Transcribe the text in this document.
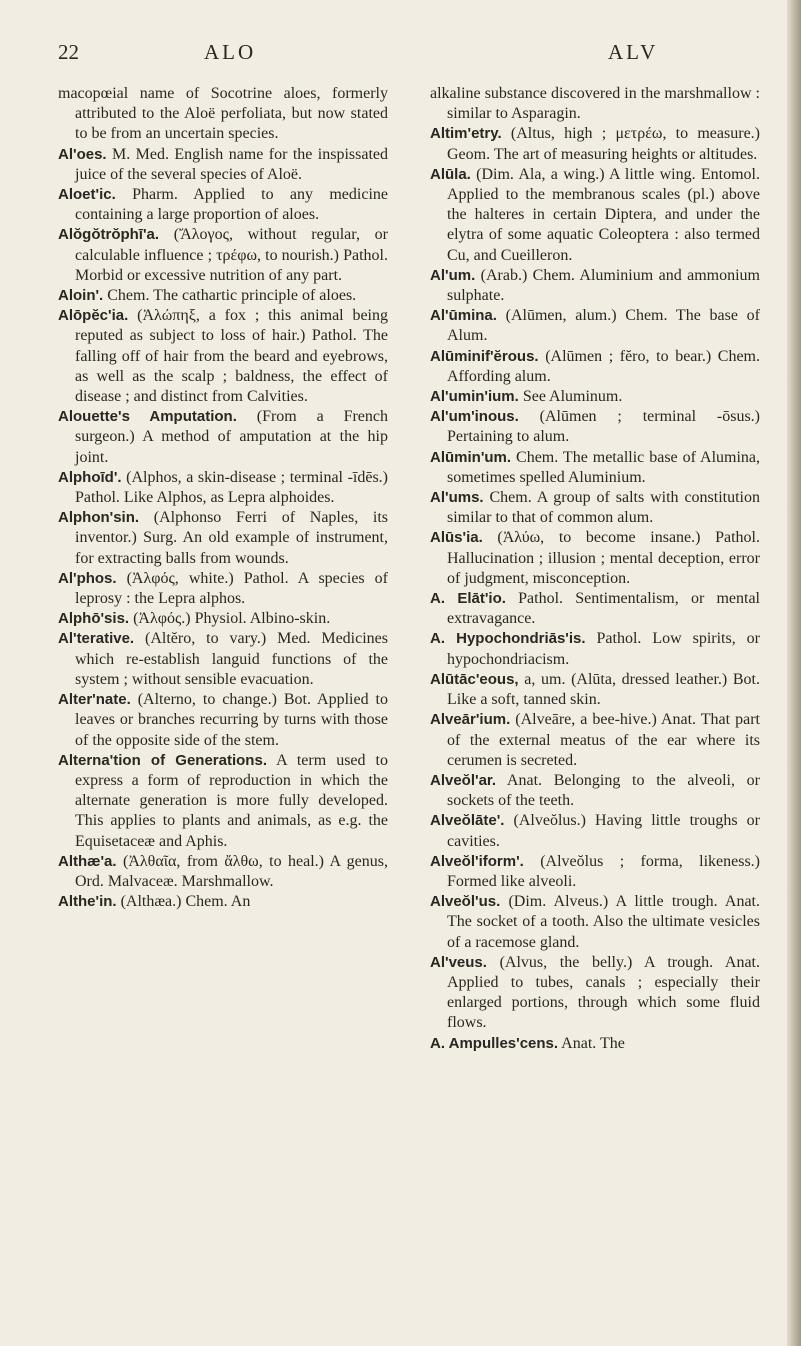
22	ALO	ALV

macopœial name of Socotrine aloes, formerly attributed to the Aloë perfoliata, but now stated to be from an uncertain species.

Al'oes. M. Med. English name for the inspissated juice of the several species of Aloë.

Aloet'ic. Pharm. Applied to any medicine containing a large proportion of aloes.

Alŏgŏtrŏphī'a. (Ἄλογος, without regular, or calculable influence ; τρέφω, to nourish.) Pathol. Morbid or excessive nutrition of any part.

Aloin'. Chem. The cathartic principle of aloes.

Alōpĕc'ia. (Ἀλώπηξ, a fox ; this animal being reputed as subject to loss of hair.) Pathol. The falling off of hair from the beard and eyebrows, as well as the scalp ; baldness, the effect of disease ; and distinct from Calvities.

Alouette's Amputation. (From a French surgeon.) A method of amputation at the hip joint.

Alphoīd'. (Alphos, a skin-disease ; terminal -īdēs.) Pathol. Like Alphos, as Lepra alphoides.

Alphon'sin. (Alphonso Ferri of Naples, its inventor.) Surg. An old example of instrument, for extracting balls from wounds.

Al'phos. (Ἀλφός, white.) Pathol. A species of leprosy : the Lepra alphos.

Alphō'sis. (Ἀλφός.) Physiol. Albino-skin.

Al'terative. (Altĕro, to vary.) Med. Medicines which re-establish languid functions of the system ; without sensible evacuation.

Alter'nate. (Alterno, to change.) Bot. Applied to leaves or branches recurring by turns with those of the opposite side of the stem.

Alterna'tion of Generations. A term used to express a form of reproduction in which the alternate generation is more fully developed. This applies to plants and animals, as e.g. the Equisetaceæ and Aphis.

Althæ'a. (Ἀλθαῖα, from ἄλθω, to heal.) A genus, Ord. Malvaceæ. Marshmallow.

Althe'in. (Althæa.) Chem. An

alkaline substance discovered in the marshmallow : similar to Asparagin.

Altim'etry. (Altus, high ; μετρέω, to measure.) Geom. The art of measuring heights or altitudes.

Alūla. (Dim. Ala, a wing.) A little wing. Entomol. Applied to the membranous scales (pl.) above the halteres in certain Diptera, and under the elytra of some aquatic Coleoptera : also termed Cu, and Cueilleron.

Al'um. (Arab.) Chem. Aluminium and ammonium sulphate.

Al'ūmina. (Alūmen, alum.) Chem. The base of Alum.

Alūminif'ĕrous. (Alūmen ; fĕro, to bear.) Chem. Affording alum.

Al'umin'ium. See Aluminum.

Al'um'inous. (Alūmen ; terminal -ōsus.) Pertaining to alum.

Alūmin'um. Chem. The metallic base of Alumina, sometimes spelled Aluminium.

Al'ums. Chem. A group of salts with constitution similar to that of common alum.

Alūs'ia. (Ἀλύω, to become insane.) Pathol. Hallucination ; illusion ; mental deception, error of judgment, misconception.

A. Elāt'io. Pathol. Sentimentalism, or mental extravagance.

A. Hypochondriās'is. Pathol. Low spirits, or hypochondriacism.

Alūtāc'eous, a, um. (Alūta, dressed leather.) Bot. Like a soft, tanned skin.

Alveār'ium. (Alveāre, a bee-hive.) Anat. That part of the external meatus of the ear where its cerumen is secreted.

Alveŏl'ar. Anat. Belonging to the alveoli, or sockets of the teeth.

Alveŏlāte'. (Alveŏlus.) Having little troughs or cavities.

Alveŏl'iform'. (Alveŏlus ; forma, likeness.) Formed like alveoli.

Alveŏl'us. (Dim. Alveus.) A little trough. Anat. The socket of a tooth. Also the ultimate vesicles of a racemose gland.

Al'veus. (Alvus, the belly.) A trough. Anat. Applied to tubes, canals ; especially their enlarged portions, through which some fluid flows.

A. Ampulles'cens. Anat. The
